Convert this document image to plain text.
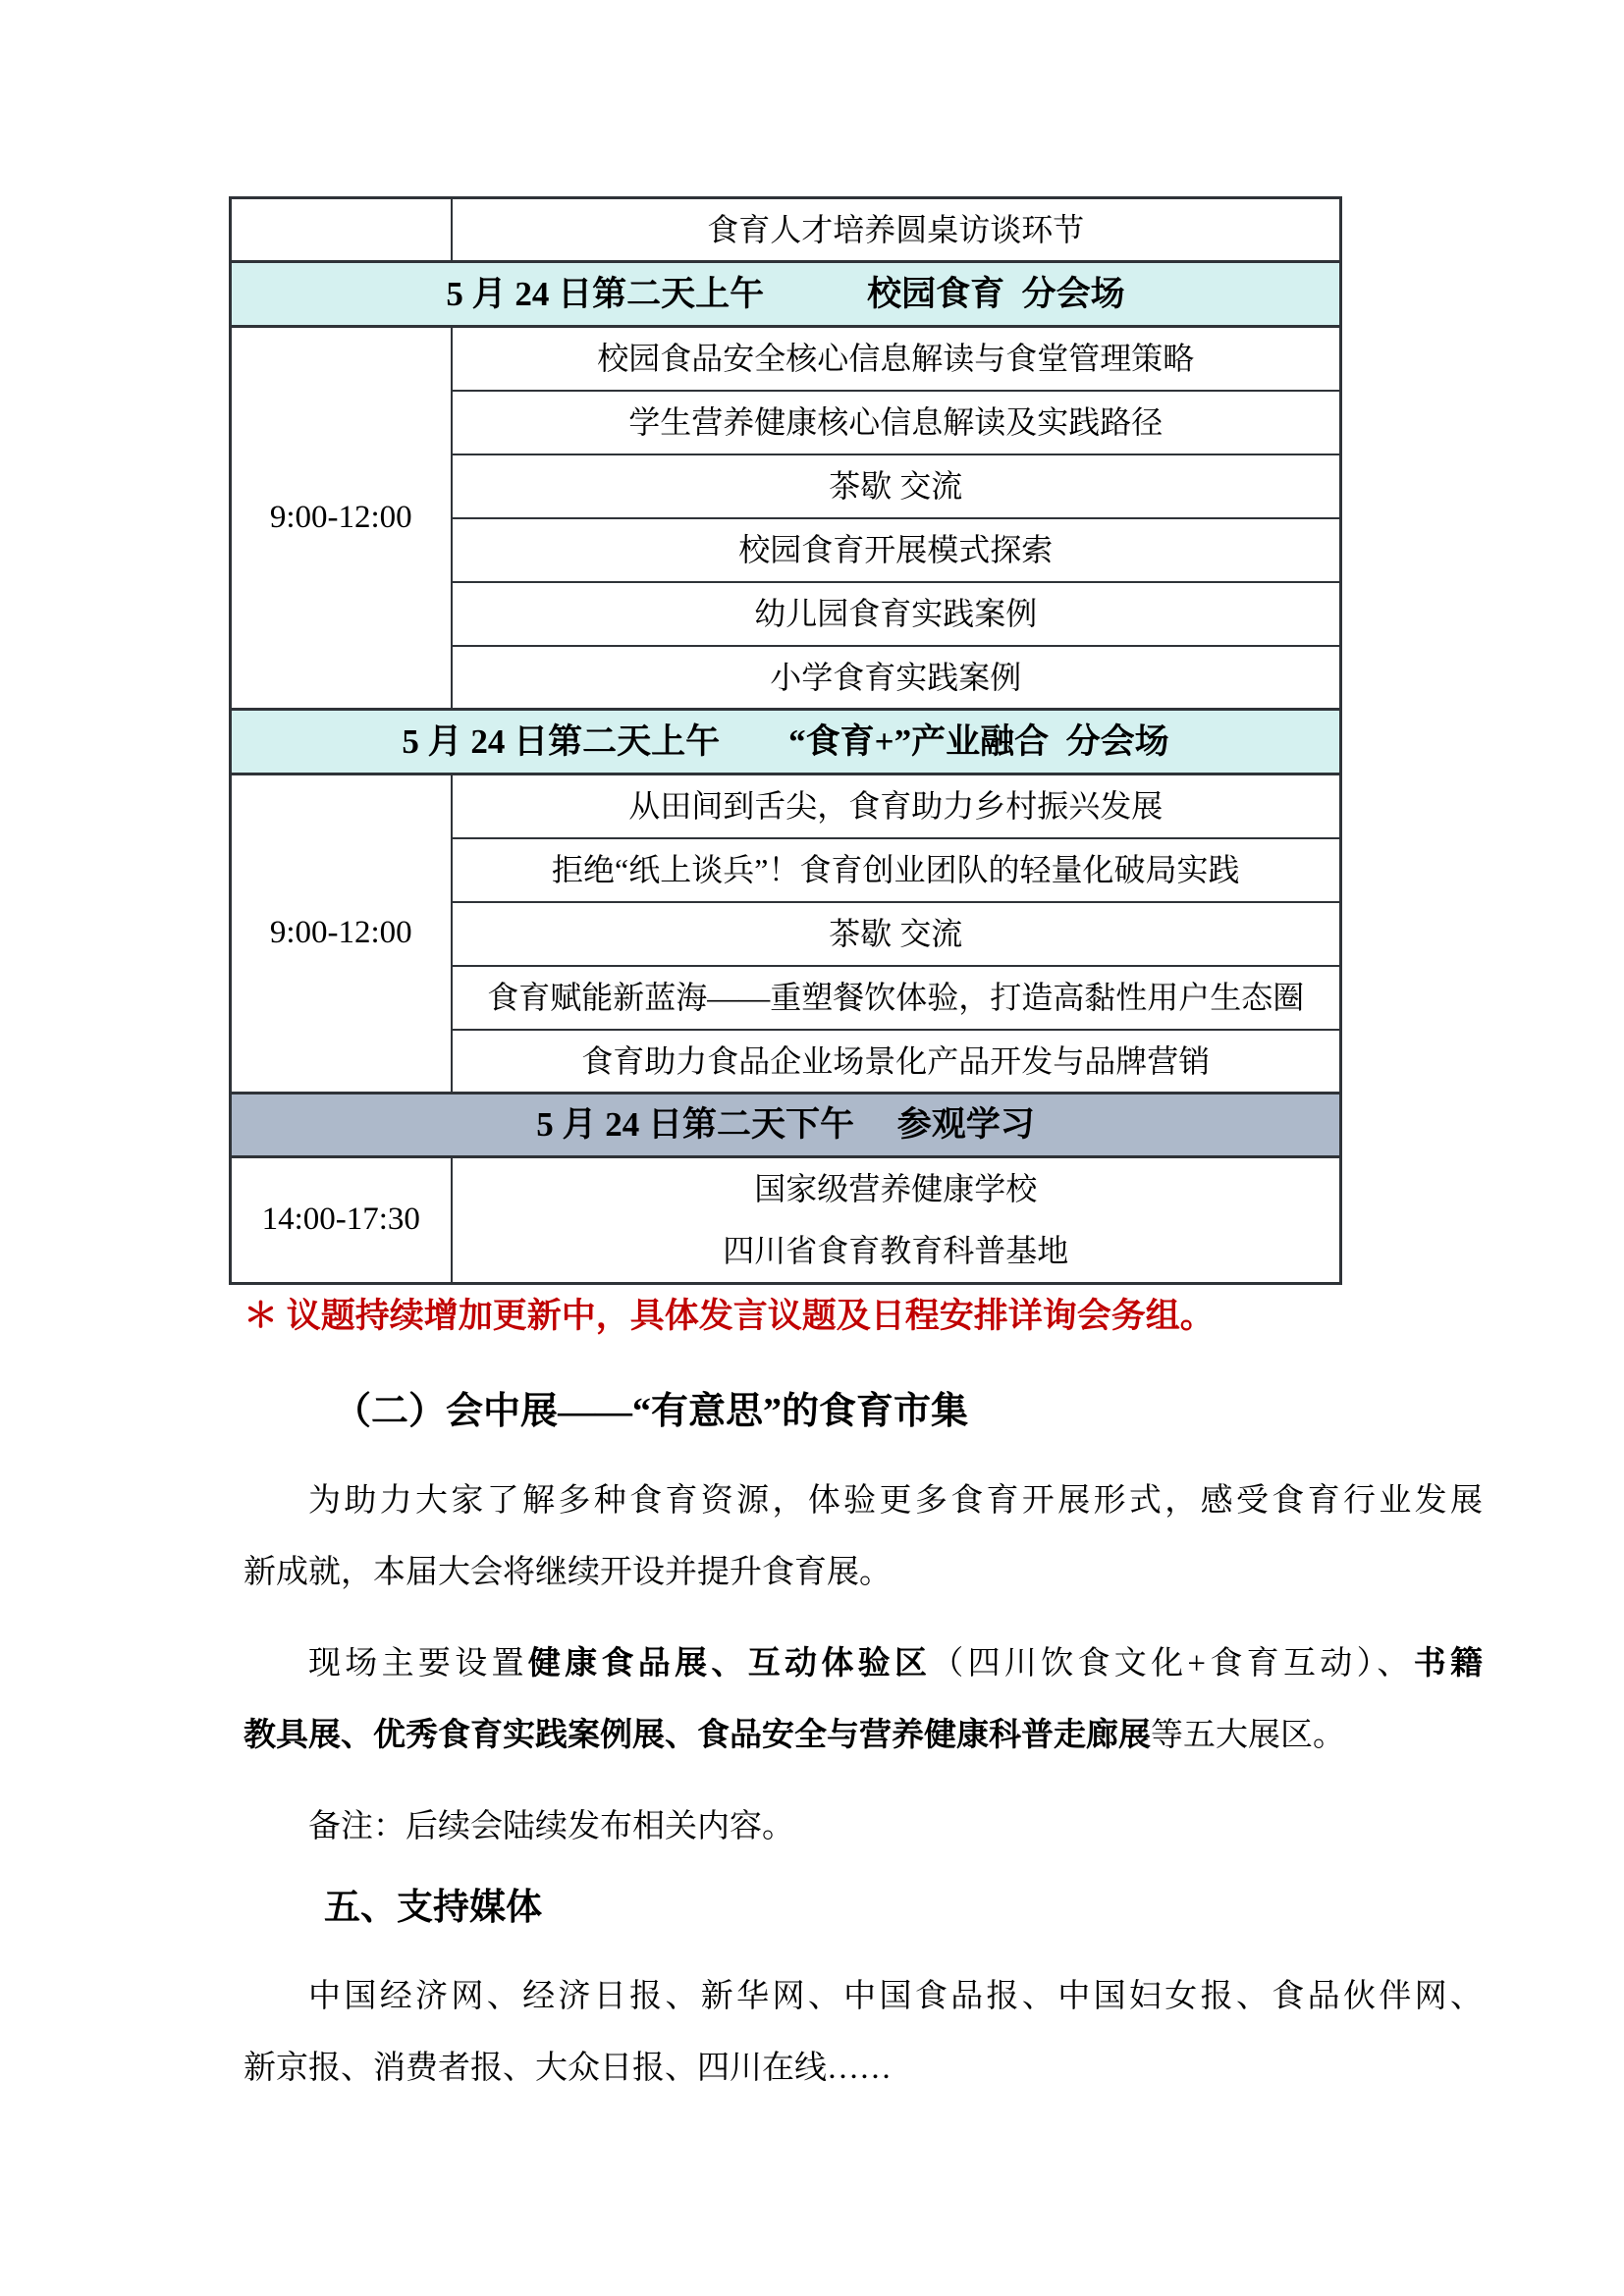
	食育人才培养圆桌访谈环节
5 月 24 日第二天上午　　　校园食育  分会场	
9:00-12:00	校园食品安全核心信息解读与食堂管理策略
	学生营养健康核心信息解读及实践路径
	茶歇 交流
	校园食育开展模式探索
	幼儿园食育实践案例
	小学食育实践案例
5 月 24 日第二天上午　　“食育+”产业融合  分会场	
9:00-12:00	从田间到舌尖，食育助力乡村振兴发展
	拒绝“纸上谈兵”！食育创业团队的轻量化破局实践
	茶歇 交流
	食育赋能新蓝海——重塑餐饮体验，打造高黏性用户生态圈
	食育助力食品企业场景化产品开发与品牌营销
5 月 24 日第二天下午　 参观学习	
14:00-17:30	国家级营养健康学校
四川省食育教育科普基地
＊ 议题持续增加更新中，具体发言议题及日程安排详询会务组。
（二）会中展——“有意思”的食育市集
为助力大家了解多种食育资源，体验更多食育开展形式，感受食育行业发展
新成就，本届大会将继续开设并提升食育展。
现场主要设置健康食品展、互动体验区（四川饮食文化+食育互动）、书籍
教具展、优秀食育实践案例展、食品安全与营养健康科普走廊展等五大展区。
备注：后续会陆续发布相关内容。
五、支持媒体
中国经济网、经济日报、新华网、中国食品报、中国妇女报、食品伙伴网、
新京报、消费者报、大众日报、四川在线……
